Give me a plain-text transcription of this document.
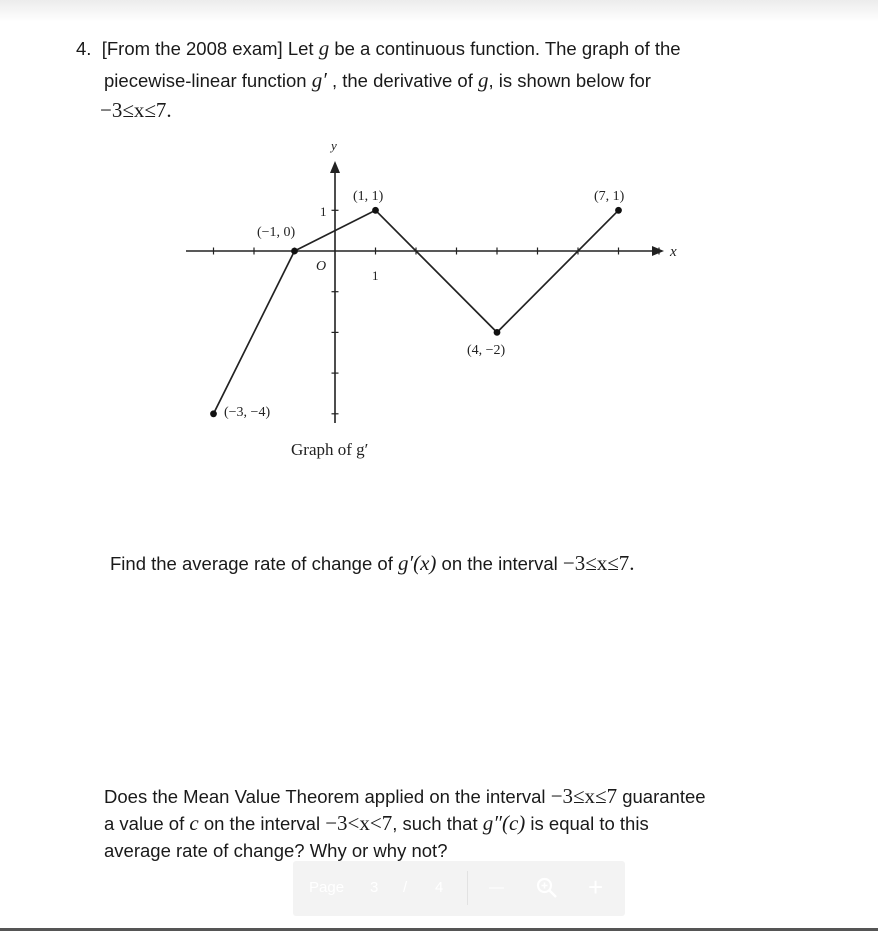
4. [From the 2008 exam] Let g be a continuous function. The graph of the
piecewise-linear function g′ , the derivative of g, is shown below for
−3≤x≤7.
y
x
O
1
1
(−3, −4)
(−1, 0)
(1, 1)
(4, −2)
(7, 1)
Graph of g′
Find the average rate of change of g′(x) on the interval −3≤x≤7.
Does the Mean Value Theorem applied on the interval −3≤x≤7 guarantee
a value of c on the interval −3<x<7, such that g″(c) is equal to this
average rate of change? Why or why not?
Page 3 / 4	—	+
